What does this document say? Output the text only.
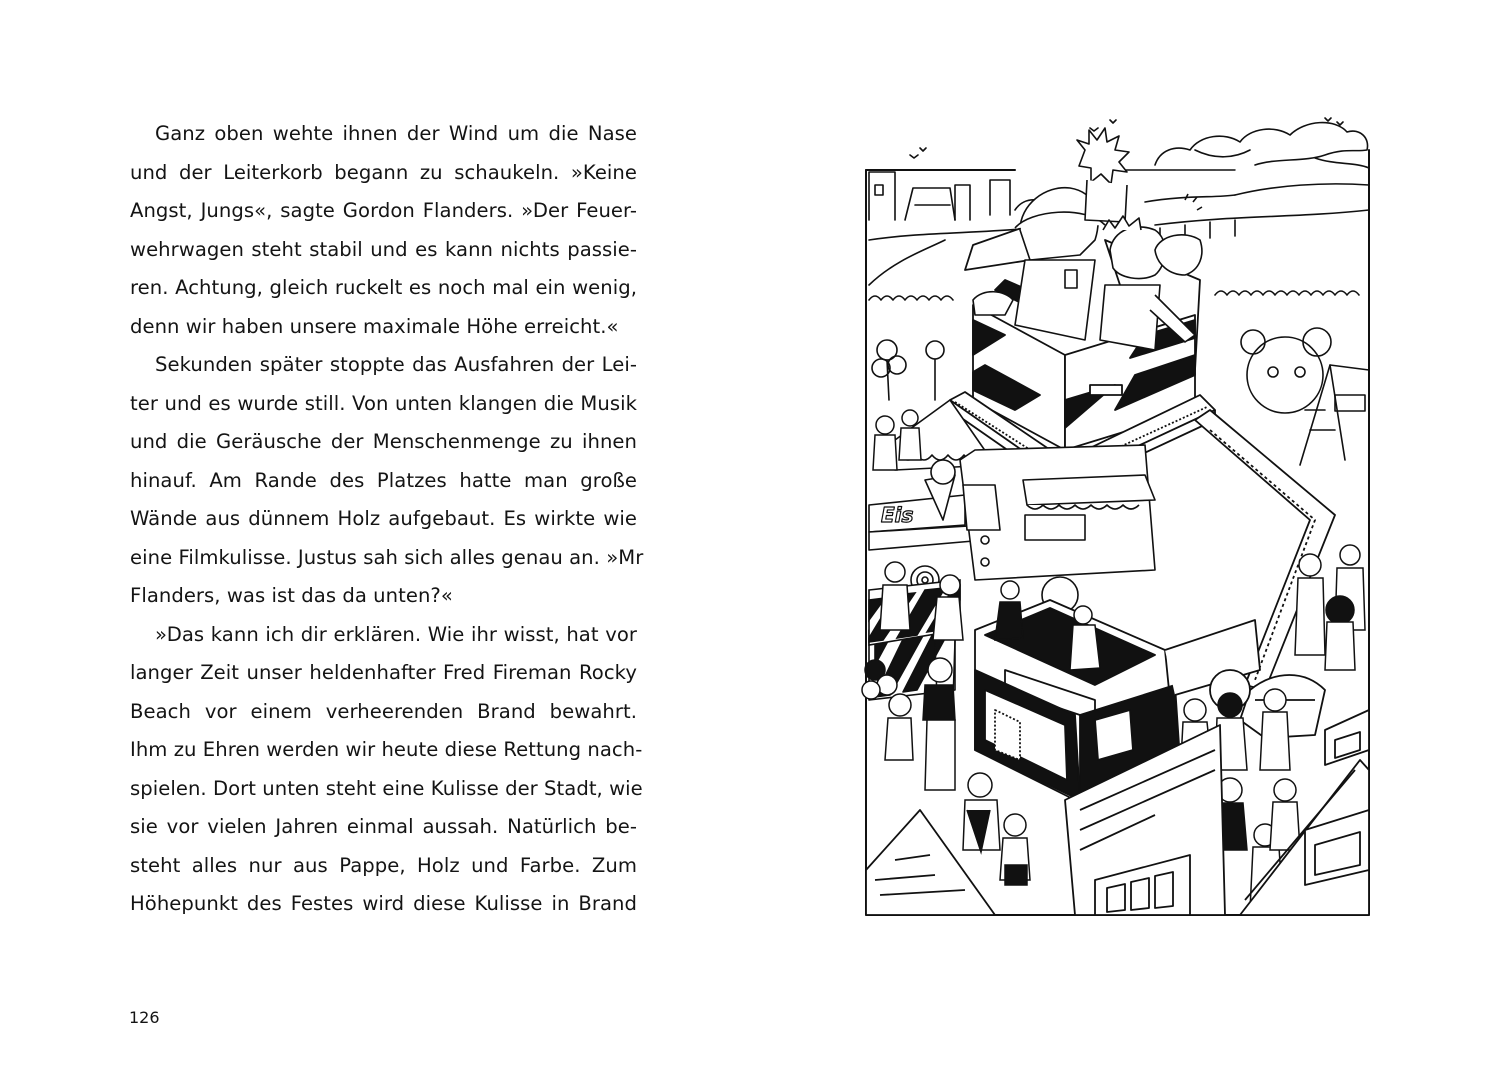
Ganz oben wehte ihnen der Wind um die Nase
und der Leiterkorb begann zu schaukeln. »Keine
Angst, Jungs«, sagte Gordon Flanders. »Der Feuer-
wehrwagen steht stabil und es kann nichts passie-
ren. Achtung, gleich ruckelt es noch mal ein wenig,
denn wir haben unsere maximale Höhe erreicht.«

Sekunden später stoppte das Ausfahren der Lei-
ter und es wurde still. Von unten klangen die Musik
und die Geräusche der Menschenmenge zu ihnen
hinauf. Am Rande des Platzes hatte man große
Wände aus dünnem Holz aufgebaut. Es wirkte wie
eine Filmkulisse. Justus sah sich alles genau an. »Mr
Flanders, was ist das da unten?«

»Das kann ich dir erklären. Wie ihr wisst, hat vor
langer Zeit unser heldenhafter Fred Fireman Rocky
Beach vor einem verheerenden Brand bewahrt.
Ihm zu Ehren werden wir heute diese Rettung nach-
spielen. Dort unten steht eine Kulisse der Stadt, wie
sie vor vielen Jahren einmal aussah. Natürlich be-
steht alles nur aus Pappe, Holz und Farbe. Zum
Höhepunkt des Festes wird diese Kulisse in Brand

126
Eis
